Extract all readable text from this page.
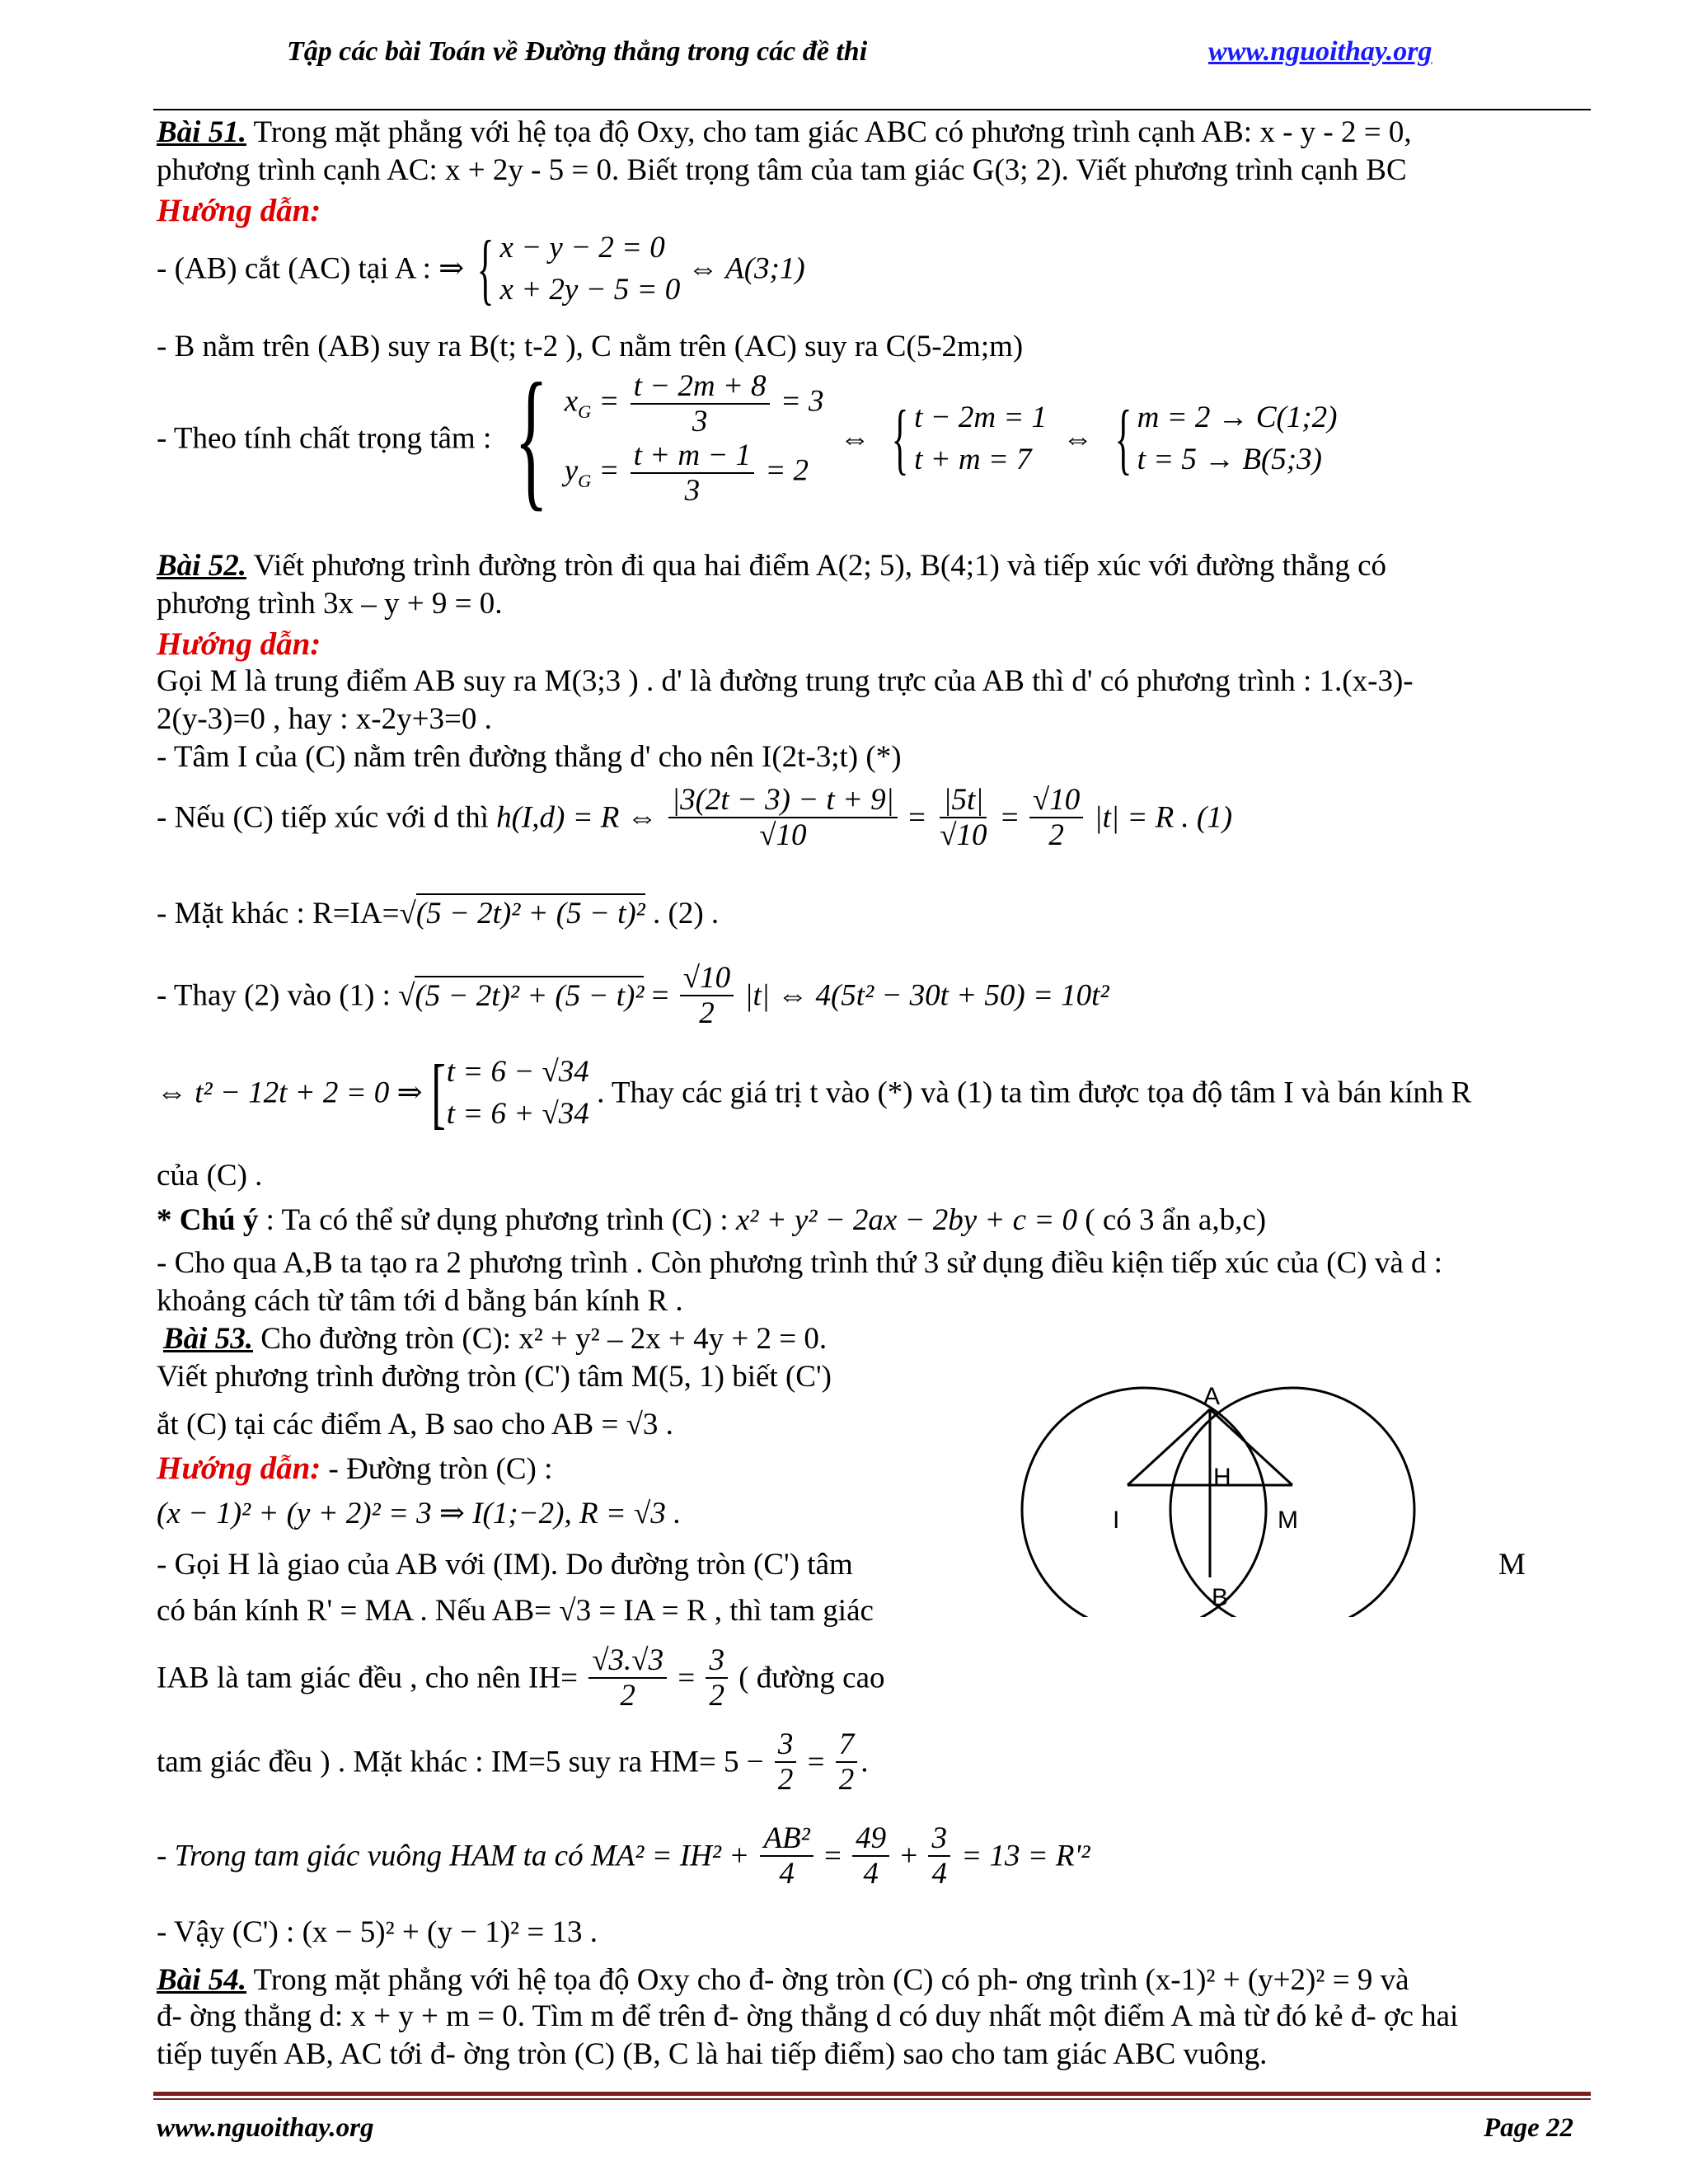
Tập các bài Toán về Đường thẳng trong các đề thi	www.nguoithay.org
Bài 51. Trong mặt phẳng với hệ tọa độ Oxy, cho tam giác ABC có phương trình cạnh AB: x - y - 2 = 0,
phương trình cạnh AC: x + 2y - 5 = 0. Biết trọng tâm của tam giác G(3; 2). Viết phương trình cạnh BC
Hướng dẫn:
- (AB) cắt (AC) tại A : ⇒ { x − y − 2 = 0
x + 2y − 5 = 0
⇔ A(3;1)
- B nằm trên (AB) suy ra B(t; t-2 ), C nằm trên (AC) suy ra C(5-2m;m)
- Theo tính chất trọng tâm : { $x_G = \frac{t - 2m + 8}{3} = 3$
$y_G = \frac{t + m - 1}{3} = 2$
⇔ { t − 2m = 1
t + m = 7
⇔ { m = 2 → C(1;2)
t = 5 → B(5;3)
Bài 52. Viết phương trình đường tròn đi qua hai điểm A(2; 5), B(4;1) và tiếp xúc với đường thẳng có
phương trình 3x – y + 9 = 0.
Hướng dẫn:
Gọi M là trung điểm AB suy ra M(3;3 ) . d' là đường trung trực của AB thì d' có phương trình : 1.(x-3)-
2(y-3)=0 , hay : x-2y+3=0 .
- Tâm I của (C) nằm trên đường thẳng d' cho nên I(2t-3;t) (*)
- Nếu (C) tiếp xúc với d thì h(I,d) = R ⇔ $\frac{|3(2t - 3) - t + 9|}{√10} = \frac{|5t|}{√10} = \frac{√10}{2} |t| = R$ . (1)
- Mặt khác : R=IA=√(5 − 2t)² + (5 − t)² . (2) .
- Thay (2) vào (1) : $√(5 - 2t)^2 + (5 - t)^2 = \frac{√10}{2} |t|$ ⇔ 4(5t² − 30t + 50) = 10t²
⇔ t² − 12t + 2 = 0 ⇒ [ t = 6 − √34
t = 6 + √34
. Thay các giá trị t vào (*) và (1) ta tìm được tọa độ tâm I và bán kính R
của (C) .
* Chú ý : Ta có thể sử dụng phương trình (C) : x² + y² − 2ax − 2by + c = 0 ( có 3 ẩn a,b,c)
- Cho qua A,B ta tạo ra 2 phương trình . Còn phương trình thứ 3 sử dụng điều kiện tiếp xúc của (C) và d :
khoảng cách từ tâm tới d bằng bán kính R .
Bài 53. Cho đường tròn (C): x² + y² – 2x + 4y + 2 = 0.
Viết phương trình đường tròn (C') tâm M(5, 1) biết (C')
ắt (C) tại các điểm A, B sao cho AB = √3 .
Hướng dẫn: - Đường tròn (C) :
(x − 1)² + (y + 2)² = 3 ⇒ I(1;−2), R = √3 .
- Gọi H là giao của AB với (IM). Do đường tròn (C') tâm	M
có bán kính R' = MA . Nếu AB= √3 = IA = R , thì tam giác
IAB là tam giác đều , cho nên $IH= \frac{√3.√3}{2} = \frac{3}{2}$ ( đường cao
tam giác đều ) . Mặt khác : IM=5 suy ra $HM= 5 - \frac{3}{2} = \frac{7}{2}$ .
- Trong tam giác vuông HAM ta có $MA^2 = IH^2 + \frac{\text{AB²}}{4} = \frac{49}{4} + \frac{3}{4} = 13 = R'^2$
- Vậy (C') : (x − 5)² + (y − 1)² = 13 .
A
H
I	M
B
Bài 54. Trong mặt phẳng với hệ tọa độ Oxy cho đ- ờng tròn (C) có ph- ơng trình (x-1)² + (y+2)² = 9 và
đ- ờng thẳng d: x + y + m = 0. Tìm m để trên đ- ờng thẳng d có duy nhất một điểm A mà từ đó kẻ đ- ợc hai
tiếp tuyến AB, AC tới đ- ờng tròn (C) (B, C là hai tiếp điểm) sao cho tam giác ABC vuông.
www.nguoithay.org	Page 22
